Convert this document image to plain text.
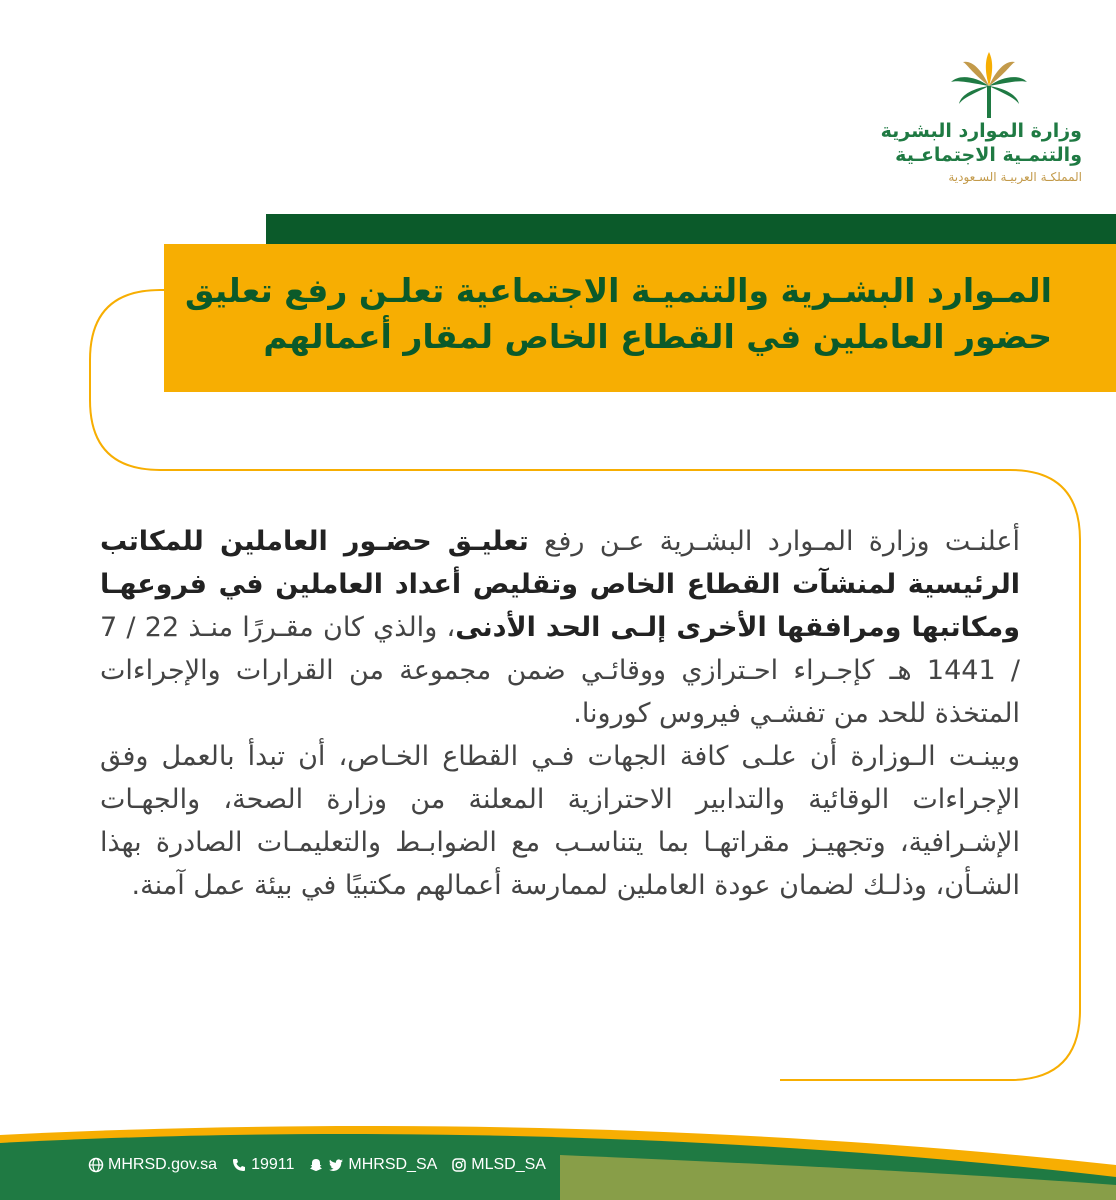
وزارة الموارد البشرية
والتنمـية الاجتماعـية
المملكـة العربيـة السـعودية
المـوارد البشـرية والتنميـة الاجتماعية تعلـن رفع تعليق
حضور العاملين في القطاع الخاص لمقار أعمالهم

أعلنـت وزارة المـوارد البشـرية عـن رفع تعليـق حضـور العاملين للمكاتب الرئيسية لمنشآت القطاع الخاص وتقليص أعداد العاملين في فروعهـا ومكاتبها ومرافقها الأخرى إلـى الحد الأدنى، والذي كان مقـررًا منـذ 22 / 7 / 1441 هـ كإجـراء احـترازي ووقائـي ضمن مجموعة من القرارات والإجراءات المتخذة للحد من تفشـي فيروس كورونا.

وبينـت الـوزارة أن علـى كافة الجهات فـي القطاع الخـاص، أن تبدأ بالعمل وفق الإجراءات الوقائية والتدابير الاحترازية المعلنة من وزارة الصحة، والجهـات الإشـرافية، وتجهيـز مقراتهـا بما يتناسـب مع الضوابـط والتعليمـات الصادرة بهذا الشـأن، وذلـك لضمان عودة العاملين لممارسة أعمالهم مكتبيًا في بيئة عمل آمنة.

MHRSD.gov.sa 19911	MHRSD_SA MLSD_SA
